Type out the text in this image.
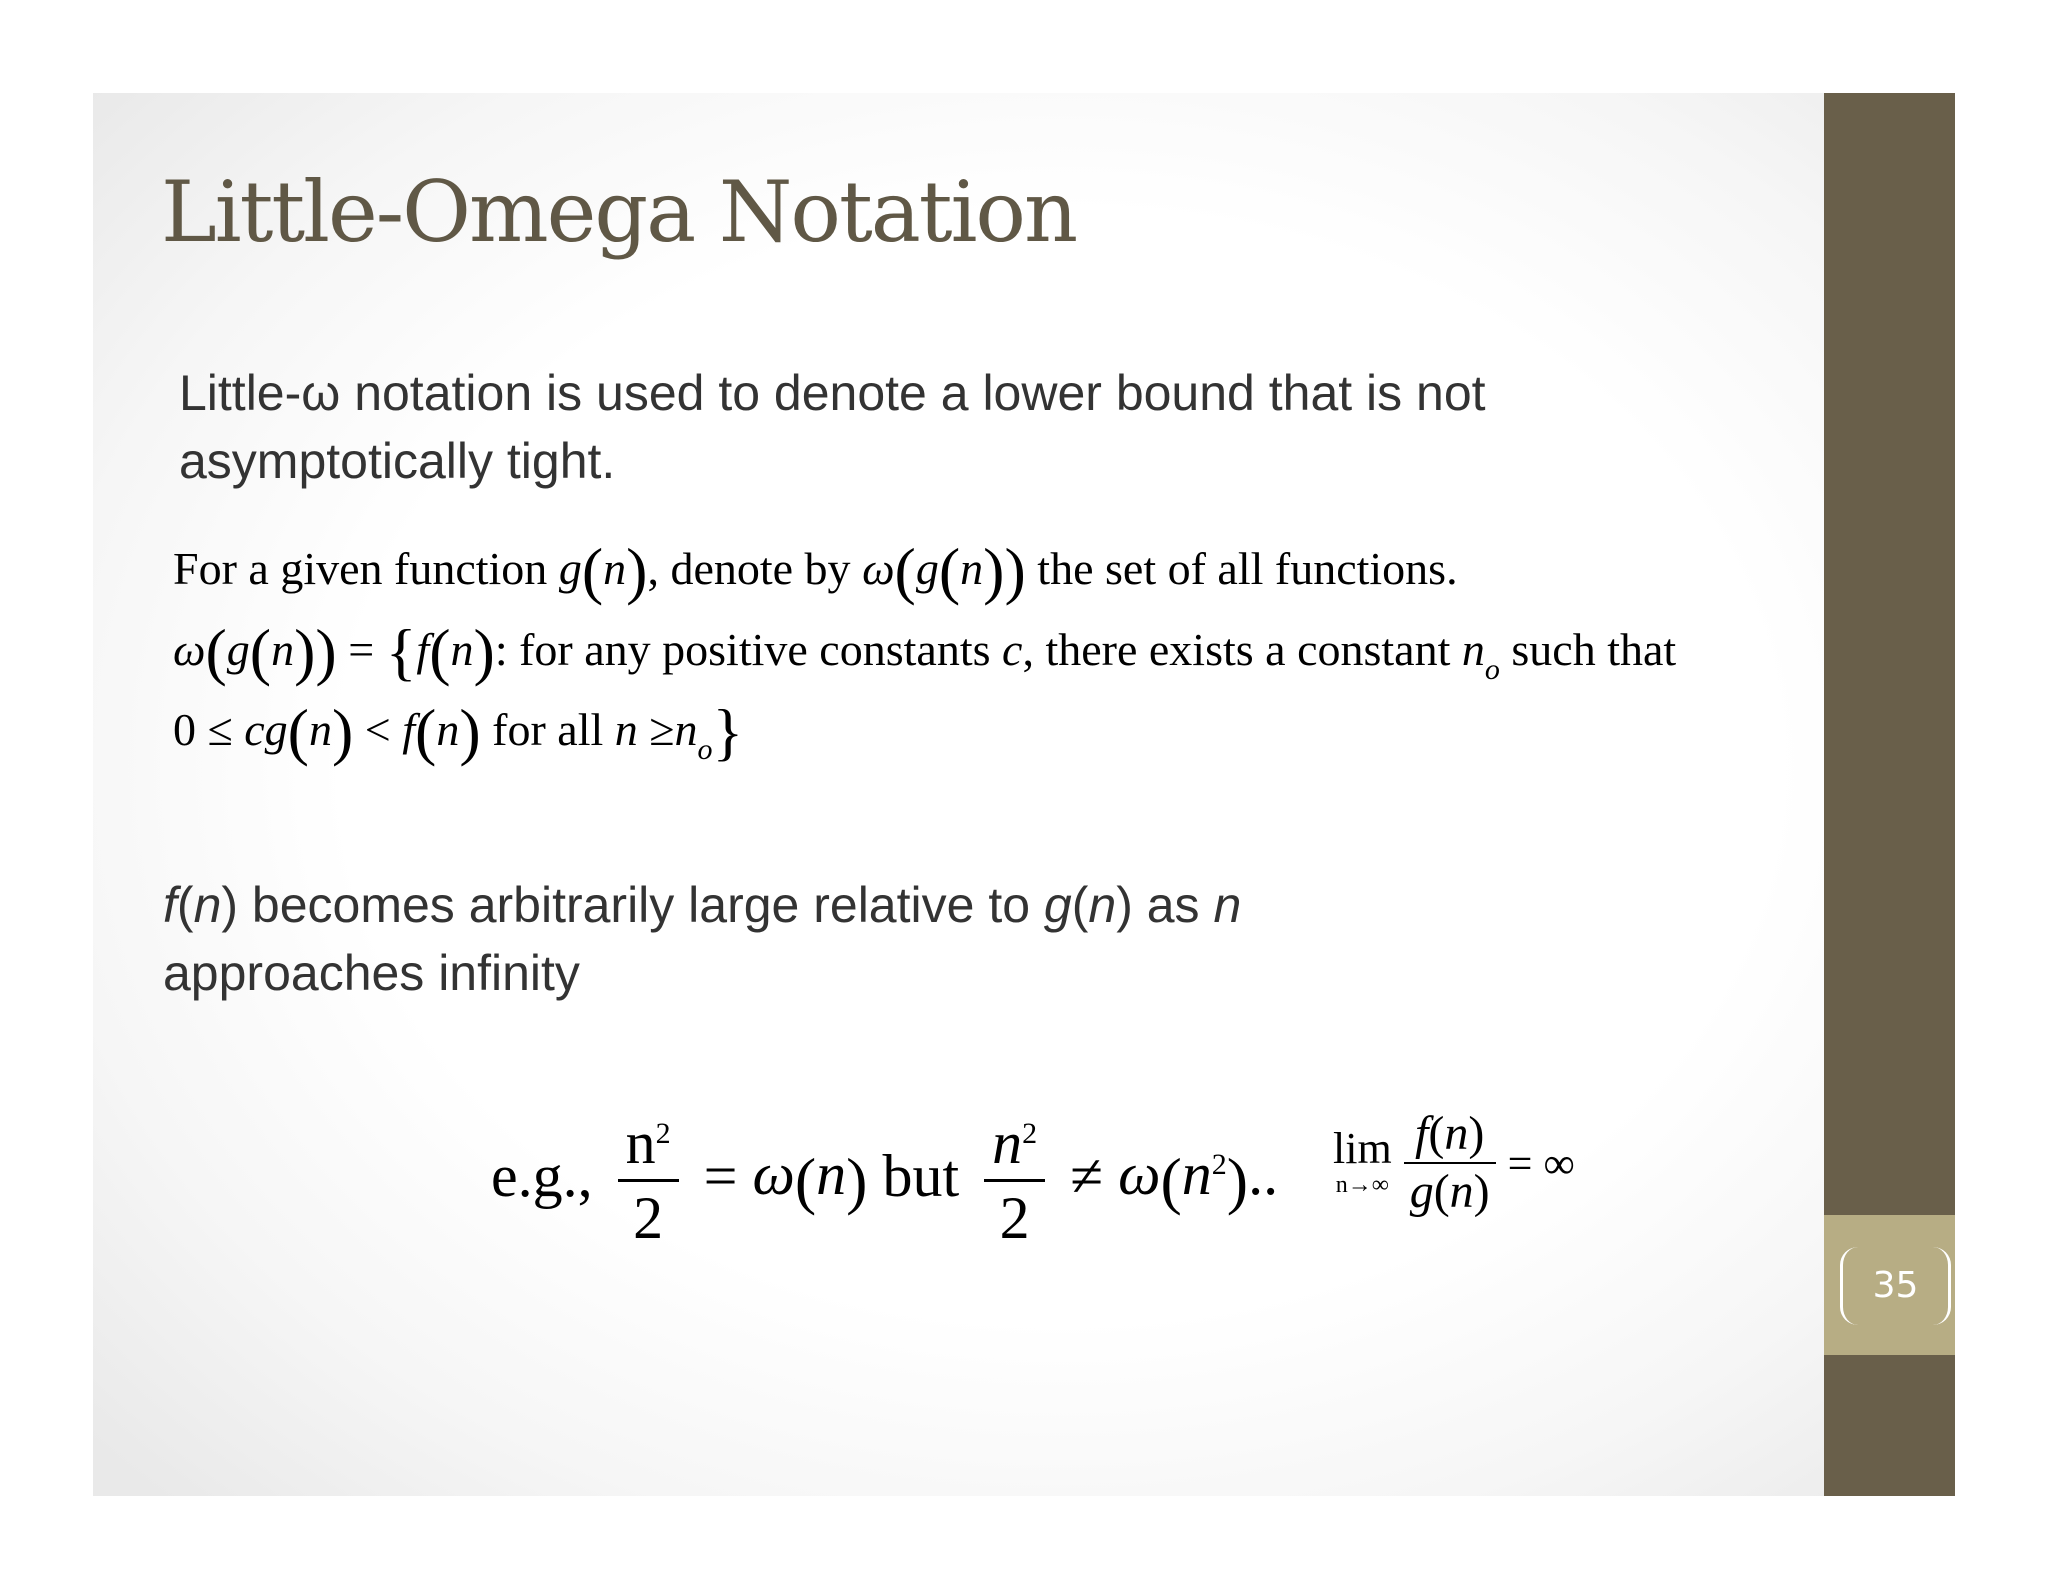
Little-Omega Notation

Little-ω notation is used to denote a lower bound that is not
asymptotically tight.

For a given function g(n), denote by ω(g(n)) the set of all functions.
ω(g(n)) = {f(n): for any positive constants c, there exists a constant $n_o$ such that
0 ≤ cg(n) < f(n) for all $n \ge n_o$}

f(n) becomes arbitrarily large relative to g(n) as n
approaches infinity

e.g., $\frac{n^2}{2} = \omega(n)$ but $\frac{n^2}{2} \ne \omega(n^2)$.. lim
n→∞
$\frac{f(n)}{g(n)}$ = ∞
35
